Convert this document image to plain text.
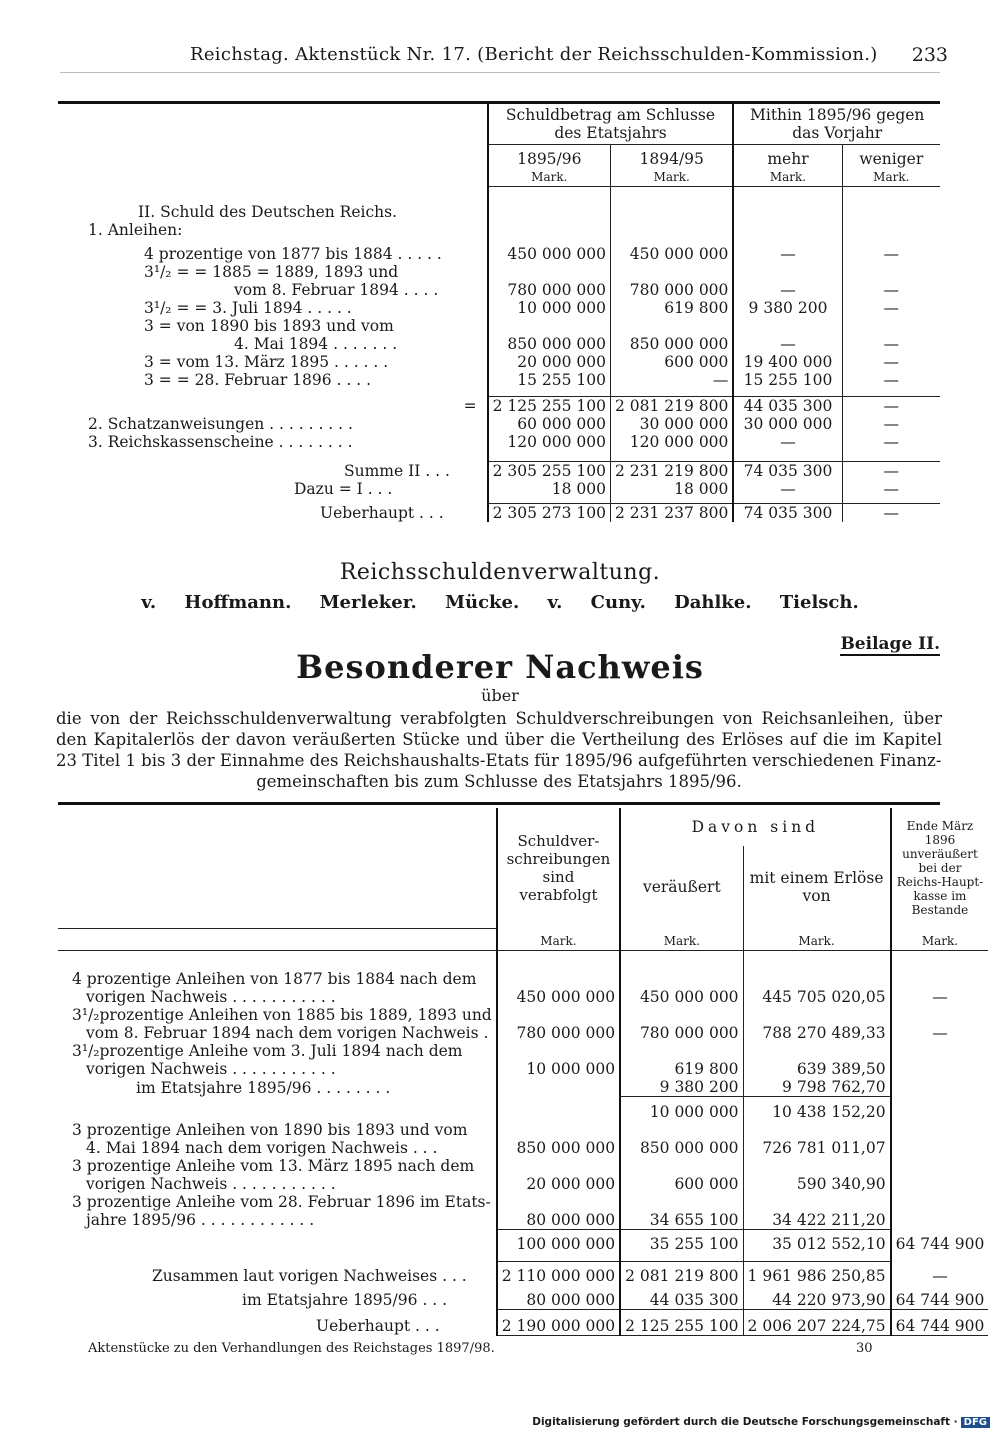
Reichstag. Aktenstück Nr. 17. (Bericht der Reichsschulden-Kommission.) 233
	Schuldbetrag am Schlusse des Etatsjahrs		Mithin 1895/96 gegen das Vorjahr	
	1895/96	1894/95	mehr	weniger
	Mark.	Mark.	Mark.	Mark.
II. Schuld des Deutschen Reichs.				
1. Anleihen:				

4 prozentige von 1877 bis 1884 . . . . .	450 000 000	450 000 000	—	—
3¹/₂ = = 1885 = 1889, 1893 und				
vom 8. Februar 1894 . . . .	780 000 000	780 000 000	—	—
3¹/₂ = = 3. Juli 1894 . . . . .	10 000 000	619 800	9 380 200	—
3 = von 1890 bis 1893 und vom				
4. Mai 1894 . . . . . . .	850 000 000	850 000 000	—	—
3 = vom 13. März 1895 . . . . . .	20 000 000	600 000	19 400 000	—
3 = = 28. Februar 1896 . . . .	15 255 100	—	15 255 100	—

=	2 125 255 100	2 081 219 800	44 035 300	—
2. Schatzanweisungen . . . . . . . . .	60 000 000	30 000 000	30 000 000	—
3. Reichskassenscheine . . . . . . . .	120 000 000	120 000 000	—	—

Summe II . . .	2 305 255 100	2 231 219 800	74 035 300	—
Dazu = I . . .	18 000	18 000	—	—

Ueberhaupt . . .	2 305 273 100	2 231 237 800	74 035 300	—
Reichsschuldenverwaltung.
v. Hoffmann. Merleker. Mücke. v. Cuny. Dahlke. Tielsch.
Beilage II.
Besonderer Nachweis
über
die von der Reichsschuldenverwaltung verabfolgten Schuldverschreibungen von Reichsanleihen, über den Kapitalerlös der davon veräußerten Stücke und über die Vertheilung des Erlöses auf die im Kapitel 23 Titel 1 bis 3 der Einnahme des Reichshaushalts-Etats für 1895/96 aufgeführten verschiedenen Finanz-
gemeinschaften bis zum Schlusse des Etatsjahrs 1895/96.
	Schuldver-schreibungen sind verabfolgt	Davon sind		Ende März 1896 unveräußert bei der Reichs-Haupt-kasse im Bestande
		veräußert	mit einem Erlöse von	
	Mark.	Mark.	Mark.	Mark.

4 prozentige Anleihen von 1877 bis 1884 nach dem				
vorigen Nachweis . . . . . . . . . . .	450 000 000	450 000 000	445 705 020,05	—
3¹/₂prozentige Anleihen von 1885 bis 1889, 1893 und				
vom 8. Februar 1894 nach dem vorigen Nachweis .	780 000 000	780 000 000	788 270 489,33	—
3¹/₂prozentige Anleihe vom 3. Juli 1894 nach dem				
vorigen Nachweis . . . . . . . . . . .	10 000 000	619 800	639 389,50	
im Etatsjahre 1895/96 . . . . . . . .		9 380 200	9 798 762,70	
		10 000 000	10 438 152,20	
3 prozentige Anleihen von 1890 bis 1893 und vom				
4. Mai 1894 nach dem vorigen Nachweis . . .	850 000 000	850 000 000	726 781 011,07	
3 prozentige Anleihe vom 13. März 1895 nach dem				
vorigen Nachweis . . . . . . . . . . .	20 000 000	600 000	590 340,90	
3 prozentige Anleihe vom 28. Februar 1896 im Etats-				
jahre 1895/96 . . . . . . . . . . . .	80 000 000	34 655 100	34 422 211,20	
	100 000 000	35 255 100	35 012 552,10	64 744 900

Zusammen laut vorigen Nachweises . . .	2 110 000 000	2 081 219 800	1 961 986 250,85	—
im Etatsjahre 1895/96 . . .	80 000 000	44 035 300	44 220 973,90	64 744 900
Ueberhaupt . . .	2 190 000 000	2 125 255 100	2 006 207 224,75	64 744 900
Aktenstücke zu den Verhandlungen des Reichstages 1897/98.	30
Digitalisierung gefördert durch die Deutsche Forschungsgemeinschaft · DFG
